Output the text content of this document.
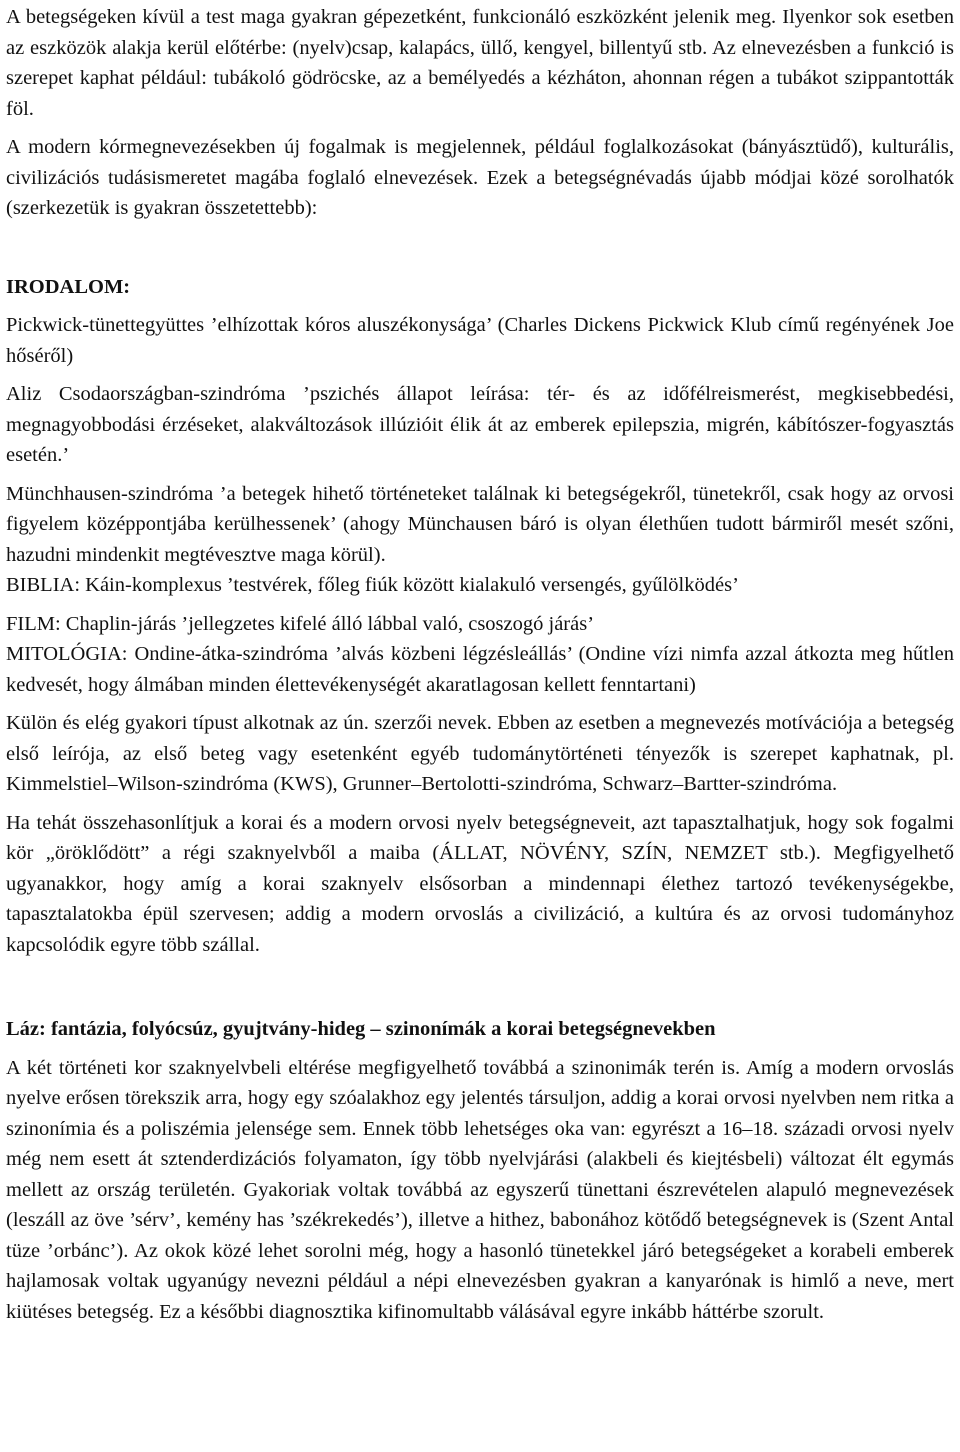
A betegségeken kívül a test maga gyakran gépezetként, funkcionáló eszközként jelenik meg. Ilyenkor sok esetben az eszközök alakja kerül előtérbe: (nyelv)csap, kalapács, üllő, kengyel, billentyű stb. Az elnevezésben a funkció is szerepet kaphat például: tubákoló gödröcske, az a bemélyedés a kézháton, ahonnan régen a tubákot szippantották föl.

A modern kórmegnevezésekben új fogalmak is megjelennek, például foglalkozásokat (bányásztüdő), kulturális, civilizációs tudásismeretet magába foglaló elnevezések. Ezek a betegségnévadás újabb módjai közé sorolhatók (szerkezetük is gyakran összetettebb):

IRODALOM:

Pickwick-tünettegyüttes ’elhízottak kóros aluszékonysága’ (Charles Dickens Pickwick Klub című regényének Joe hőséről)

Aliz Csodaországban-szindróma ’pszichés állapot leírása: tér- és az időfélreismerést, megkisebbedési, megnagyobbodási érzéseket, alakváltozások illúzióit élik át az emberek epilepszia, migrén, kábítószer-fogyasztás esetén.’

Münchhausen-szindróma ’a betegek hihető történeteket találnak ki betegségekről, tünetekről, csak hogy az orvosi figyelem középpontjába kerülhessenek’ (ahogy Münchausen báró is olyan élethűen tudott bármiről mesét szőni, hazudni mindenkit megtévesztve maga körül).

BIBLIA: Káin-komplexus ’testvérek, főleg fiúk között kialakuló versengés, gyűlölködés’

FILM: Chaplin-járás ’jellegzetes kifelé álló lábbal való, csoszogó járás’

MITOLÓGIA: Ondine-átka-szindróma ’alvás közbeni légzésleállás’ (Ondine vízi nimfa azzal átkozta meg hűtlen kedvesét, hogy álmában minden élettevékenységét akaratlagosan kellett fenntartani)

Külön és elég gyakori típust alkotnak az ún. szerzői nevek. Ebben az esetben a megnevezés motívációja a betegség első leírója, az első beteg vagy esetenként egyéb tudománytörténeti tényezők is szerepet kaphatnak, pl. Kimmelstiel–Wilson-szindróma (KWS), Grunner–Bertolotti-szindróma, Schwarz–Bartter-szindróma.

Ha tehát összehasonlítjuk a korai és a modern orvosi nyelv betegségneveit, azt tapasztalhatjuk, hogy sok fogalmi kör „öröklődött” a régi szaknyelvből a maiba (ÁLLAT, NÖVÉNY, SZÍN, NEMZET stb.). Megfigyelhető ugyanakkor, hogy amíg a korai szaknyelv elsősorban a mindennapi élethez tartozó tevékenységekbe, tapasztalatokba épül szervesen; addig a modern orvoslás a civilizáció, a kultúra és az orvosi tudományhoz kapcsolódik egyre több szállal.

Láz: fantázia, folyócsúz, gyujtvány-hideg – szinonímák a korai betegségnevekben

A két történeti kor szaknyelvbeli eltérése megfigyelhető továbbá a szinonimák terén is. Amíg a modern orvoslás nyelve erősen törekszik arra, hogy egy szóalakhoz egy jelentés társuljon, addig a korai orvosi nyelvben nem ritka a szinonímia és a poliszémia jelensége sem. Ennek több lehetséges oka van: egyrészt a 16–18. századi orvosi nyelv még nem esett át sztenderdizációs folyamaton, így több nyelvjárási (alakbeli és kiejtésbeli) változat élt egymás mellett az ország területén. Gyakoriak voltak továbbá az egyszerű tünettani észrevételen alapuló megnevezések (leszáll az öve ’sérv’, kemény has ’székrekedés’), illetve a hithez, babonához kötődő betegségnevek is (Szent Antal tüze ’orbánc’). Az okok közé lehet sorolni még, hogy a hasonló tünetekkel járó betegségeket a korabeli emberek hajlamosak voltak ugyanúgy nevezni például a népi elnevezésben gyakran a kanyarónak is himlő a neve, mert kiütéses betegség. Ez a későbbi diagnosztika kifinomultabb válásával egyre inkább háttérbe szorult.
